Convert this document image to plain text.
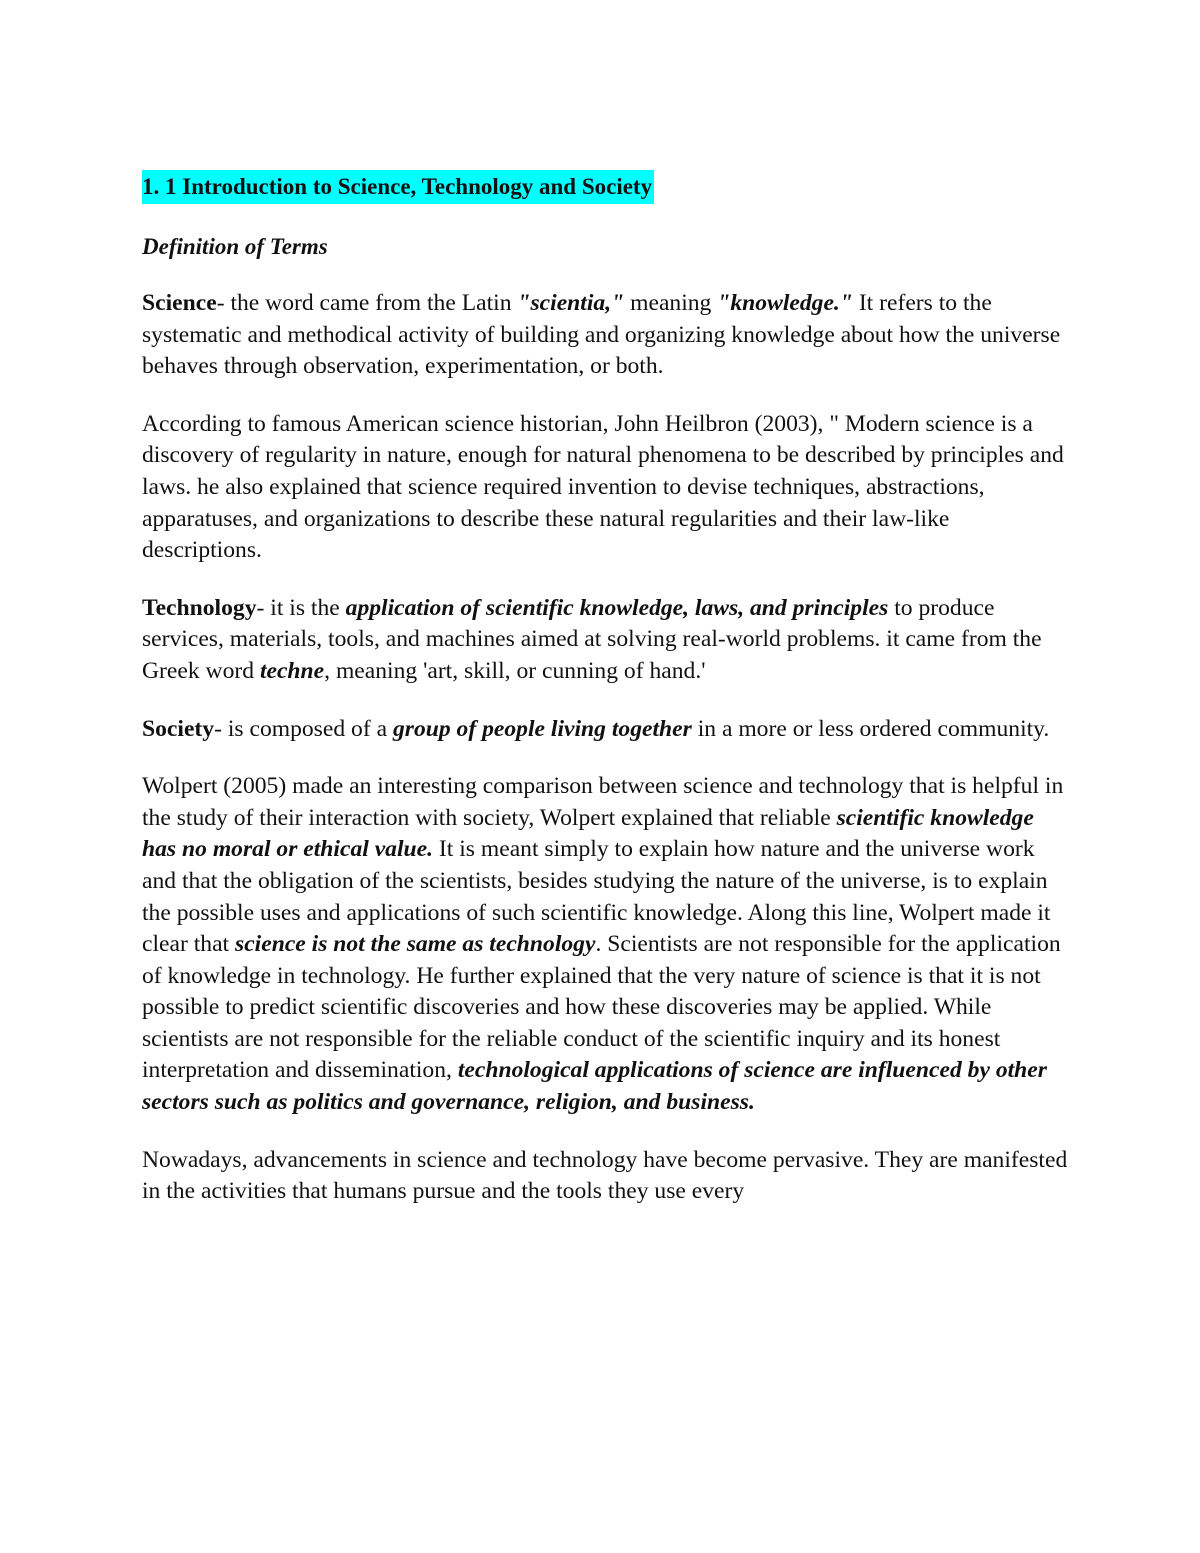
1. 1 Introduction to Science, Technology and Society
Definition of Terms

Science- the word came from the Latin "scientia," meaning "knowledge." It refers to the systematic and methodical activity of building and organizing knowledge about how the universe behaves through observation, experimentation, or both.

According to famous American science historian, John Heilbron (2003), " Modern science is a discovery of regularity in nature, enough for natural phenomena to be described by principles and laws. he also explained that science required invention to devise techniques, abstractions, apparatuses, and organizations to describe these natural regularities and their law-like descriptions.

Technology- it is the application of scientific knowledge, laws, and principles to produce services, materials, tools, and machines aimed at solving real-world problems. it came from the Greek word techne, meaning 'art, skill, or cunning of hand.'

Society- is composed of a group of people living together in a more or less ordered community.

Wolpert (2005) made an interesting comparison between science and technology that is helpful in the study of their interaction with society, Wolpert explained that reliable scientific knowledge has no moral or ethical value. It is meant simply to explain how nature and the universe work and that the obligation of the scientists, besides studying the nature of the universe, is to explain the possible uses and applications of such scientific knowledge. Along this line, Wolpert made it clear that science is not the same as technology. Scientists are not responsible for the application of knowledge in technology. He further explained that the very nature of science is that it is not possible to predict scientific discoveries and how these discoveries may be applied. While scientists are not responsible for the reliable conduct of the scientific inquiry and its honest interpretation and dissemination, technological applications of science are influenced by other sectors such as politics and governance, religion, and business.

Nowadays, advancements in science and technology have become pervasive. They are manifested in the activities that humans pursue and the tools they use every
